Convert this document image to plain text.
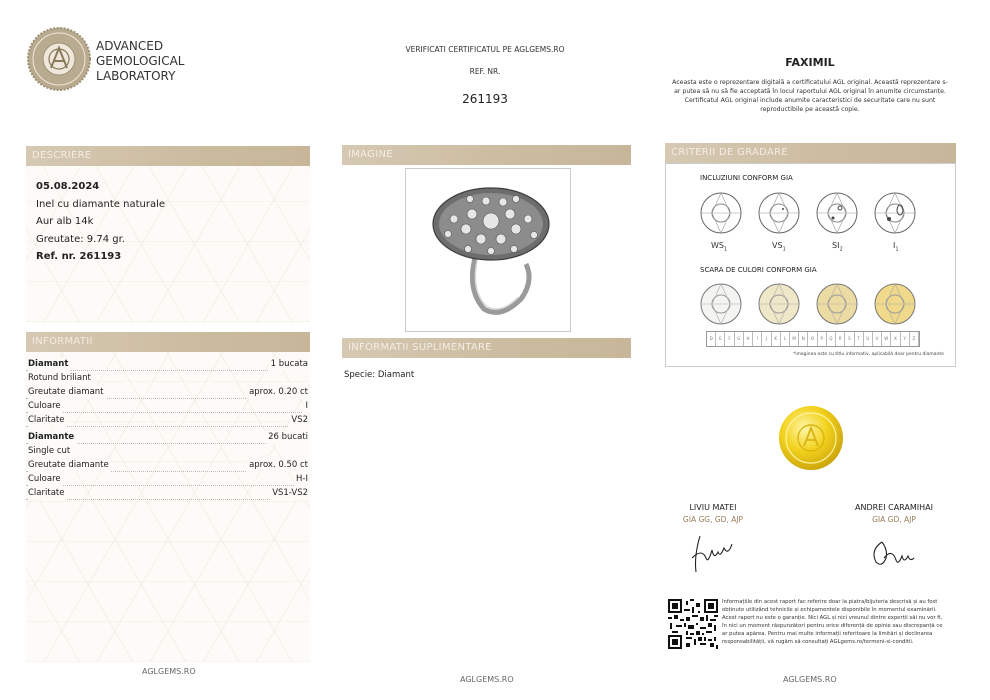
ADVANCED
GEMOLOGICAL
LABORATORY
VERIFICATI CERTIFICATUL PE AGLGEMS.RO
REF. NR.
261193
FAXIMIL
Aceasta este o reprezentare digitală a certificatului AGL original. Această reprezentare s-
ar putea să nu să fie acceptată în locul raportului AGL original în anumite circumstanțe.
Certificatul AGL original include anumite caracteristici de securitate care nu sunt
reproductibile pe această copie.
DESCRIERE
05.08.2024
Inel cu diamante naturale
Aur alb 14k
Greutate: 9.74 gr.
Ref. nr. 261193
INFORMATII
Diamant	1 bucata
Rotund briliant
Greutate diamant	aprox. 0.20 ct
Culoare	I
Claritate	VS2
Diamante	26 bucati
Single cut
Greutate diamante	aprox. 0.50 ct
Culoare	H-I
Claritate	VS1-VS2
IMAGINE
INFORMATII SUPLIMENTARE
Specie: Diamant
CRITERII DE GRADARE
INCLUZIUNI CONFORM GIA
$WS_1$	$VS_1$	$SI_2$	$I_1$
SCARA DE CULORI CONFORM GIA
D	E	F	G	H	I	J	K	L	M	N	O	P	Q	R	S	T	U	V	W	X	Y	Z
*imaginea este cu titlu informativ, aplicabilă doar pentru diamante
LIVIU MATEI
GIA GG, GD, AJP
ANDREI CARAMIHAI
GIA GD, AJP
Informațiile din acest raport fac referire doar la piatra/bijuteria descrisă și au fost
obținute utilizând tehnicile și echipamentele disponibile în momentul examinării.
Acest raport nu este o garanție. Nici AGL și nici vreunul dintre experții săi nu vor fi,
în nici un moment răspunzători pentru orice diferență de opinie sau discrepanță ce
ar putea apărea. Pentru mai multe informații referitoare la limitări și declinarea
responsabilității, vă rugăm să consultați AGLgems.ro/termeni-si-conditii.
AGLGEMS.RO
AGLGEMS.RO	AGLGEMS.RO
